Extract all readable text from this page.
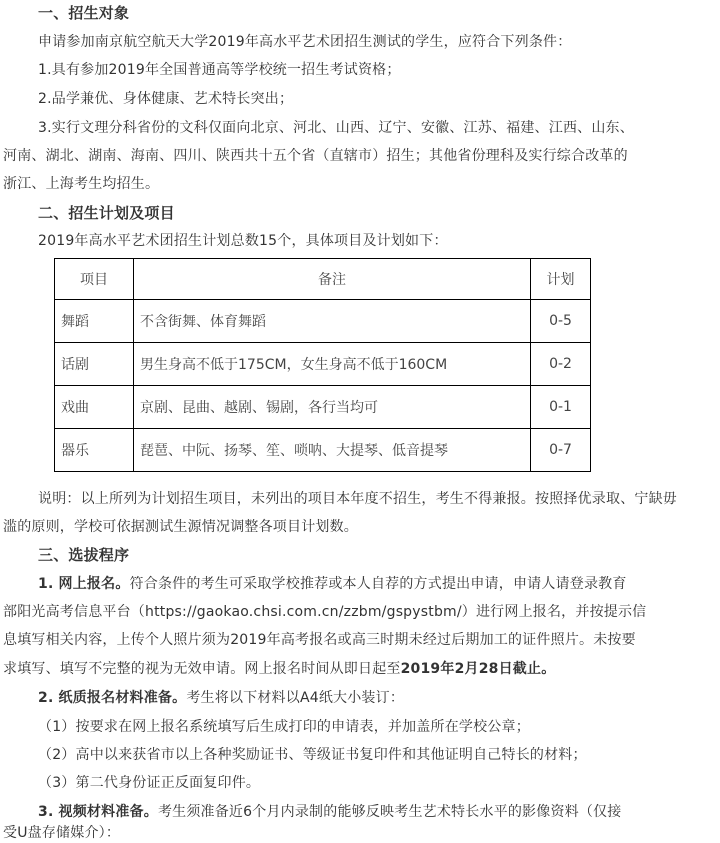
一、招生对象
申请参加南京航空航天大学2019年高水平艺术团招生测试的学生，应符合下列条件：
1.具有参加2019年全国普通高等学校统一招生考试资格；
2.品学兼优、身体健康、艺术特长突出；
3.实行文理分科省份的文科仅面向北京、河北、山西、辽宁、安徽、江苏、福建、江西、山东、
河南、湖北、湖南、海南、四川、陕西共十五个省（直辖市）招生；其他省份理科及实行综合改革的
浙江、上海考生均招生。
二、招生计划及项目
2019年高水平艺术团招生计划总数15个，具体项目及计划如下：
项目	备注	计划
舞蹈	不含街舞、体育舞蹈	0-5
话剧	男生身高不低于175CM，女生身高不低于160CM	0-2
戏曲	京剧、昆曲、越剧、锡剧，各行当均可	0-1
器乐	琵琶、中阮、扬琴、笙、唢呐、大提琴、低音提琴	0-7
说明：以上所列为计划招生项目，未列出的项目本年度不招生，考生不得兼报。按照择优录取、宁缺毋
滥的原则，学校可依据测试生源情况调整各项目计划数。
三、选拔程序
1. 网上报名。符合条件的考生可采取学校推荐或本人自荐的方式提出申请，申请人请登录教育
部阳光高考信息平台（https://gaokao.chsi.com.cn/zzbm/gspystbm/）进行网上报名，并按提示信
息填写相关内容，上传个人照片须为2019年高考报名或高三时期未经过后期加工的证件照片。未按要
求填写、填写不完整的视为无效申请。网上报名时间从即日起至2019年2月28日截止。
2. 纸质报名材料准备。考生将以下材料以A4纸大小装订：
（1）按要求在网上报名系统填写后生成打印的申请表，并加盖所在学校公章；
（2）高中以来获省市以上各种奖励证书、等级证书复印件和其他证明自己特长的材料；
（3）第二代身份证正反面复印件。
3. 视频材料准备。考生须准备近6个月内录制的能够反映考生艺术特长水平的影像资料（仅接
受U盘存储媒介）：
